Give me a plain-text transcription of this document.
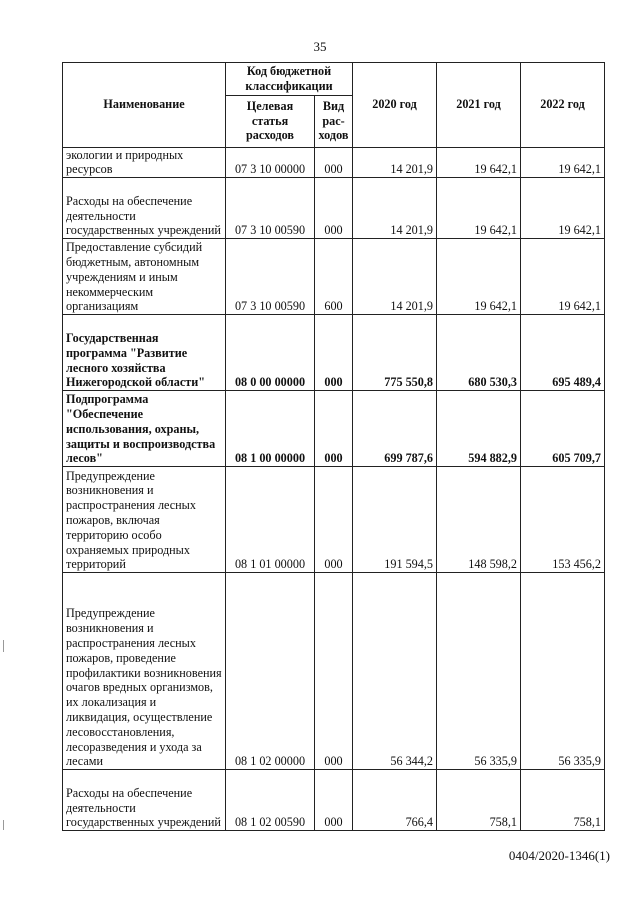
35
Наименование	Код бюджетной классификации		2020 год	2021 год	2022 год
	Целевая статья расходов	Вид рас-ходов			
экологии и природных ресурсов	07 3 10 00000	000	14 201,9	19 642,1	19 642,1
Расходы на обеспечение деятельности государственных учреждений	07 3 10 00590	000	14 201,9	19 642,1	19 642,1
Предоставление субсидий бюджетным, автономным учреждениям и иным некоммерческим организациям	07 3 10 00590	600	14 201,9	19 642,1	19 642,1
Государственная программа "Развитие лесного хозяйства Нижегородской области"	08 0 00 00000	000	775 550,8	680 530,3	695 489,4
Подпрограмма "Обеспечение использования, охраны, защиты и воспроизводства лесов"	08 1 00 00000	000	699 787,6	594 882,9	605 709,7
Предупреждение возникновения и распространения лесных пожаров, включая территорию особо охраняемых природных территорий	08 1 01 00000	000	191 594,5	148 598,2	153 456,2
Предупреждение возникновения и распространения лесных пожаров, проведение профилактики возникновения очагов вредных организмов, их локализация и ликвидация, осуществление лесовосстановления, лесоразведения и ухода за лесами	08 1 02 00000	000	56 344,2	56 335,9	56 335,9
Расходы на обеспечение деятельности государственных учреждений	08 1 02 00590	000	766,4	758,1	758,1
0404/2020-1346(1)
